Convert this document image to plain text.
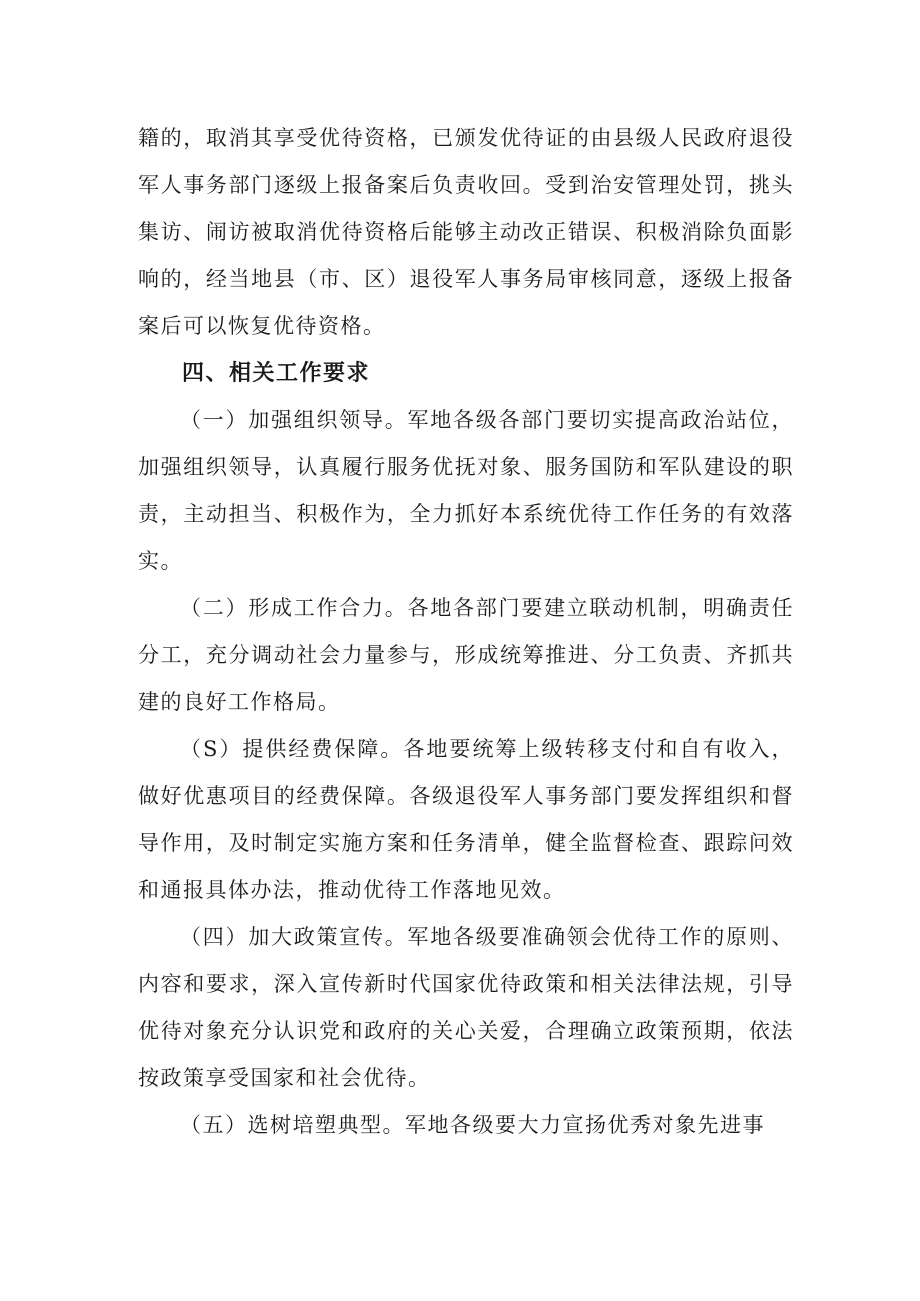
籍的，取消其享受优待资格，已颁发优待证的由县级人民政府退役军人事务部门逐级上报备案后负责收回。受到治安管理处罚，挑头集访、闹访被取消优待资格后能够主动改正错误、积极消除负面影响的，经当地县（市、区）退役军人事务局审核同意，逐级上报备案后可以恢复优待资格。

四、相关工作要求

（一）加强组织领导。军地各级各部门要切实提高政治站位，加强组织领导，认真履行服务优抚对象、服务国防和军队建设的职责，主动担当、积极作为，全力抓好本系统优待工作任务的有效落实。

（二）形成工作合力。各地各部门要建立联动机制，明确责任分工，充分调动社会力量参与，形成统筹推进、分工负责、齐抓共建的良好工作格局。

（S）提供经费保障。各地要统筹上级转移支付和自有收入，做好优惠项目的经费保障。各级退役军人事务部门要发挥组织和督导作用，及时制定实施方案和任务清单，健全监督检查、跟踪问效和通报具体办法，推动优待工作落地见效。

（四）加大政策宣传。军地各级要准确领会优待工作的原则、内容和要求，深入宣传新时代国家优待政策和相关法律法规，引导优待对象充分认识党和政府的关心关爱，合理确立政策预期，依法按政策享受国家和社会优待。

（五）选树培塑典型。军地各级要大力宣扬优秀对象先进事
